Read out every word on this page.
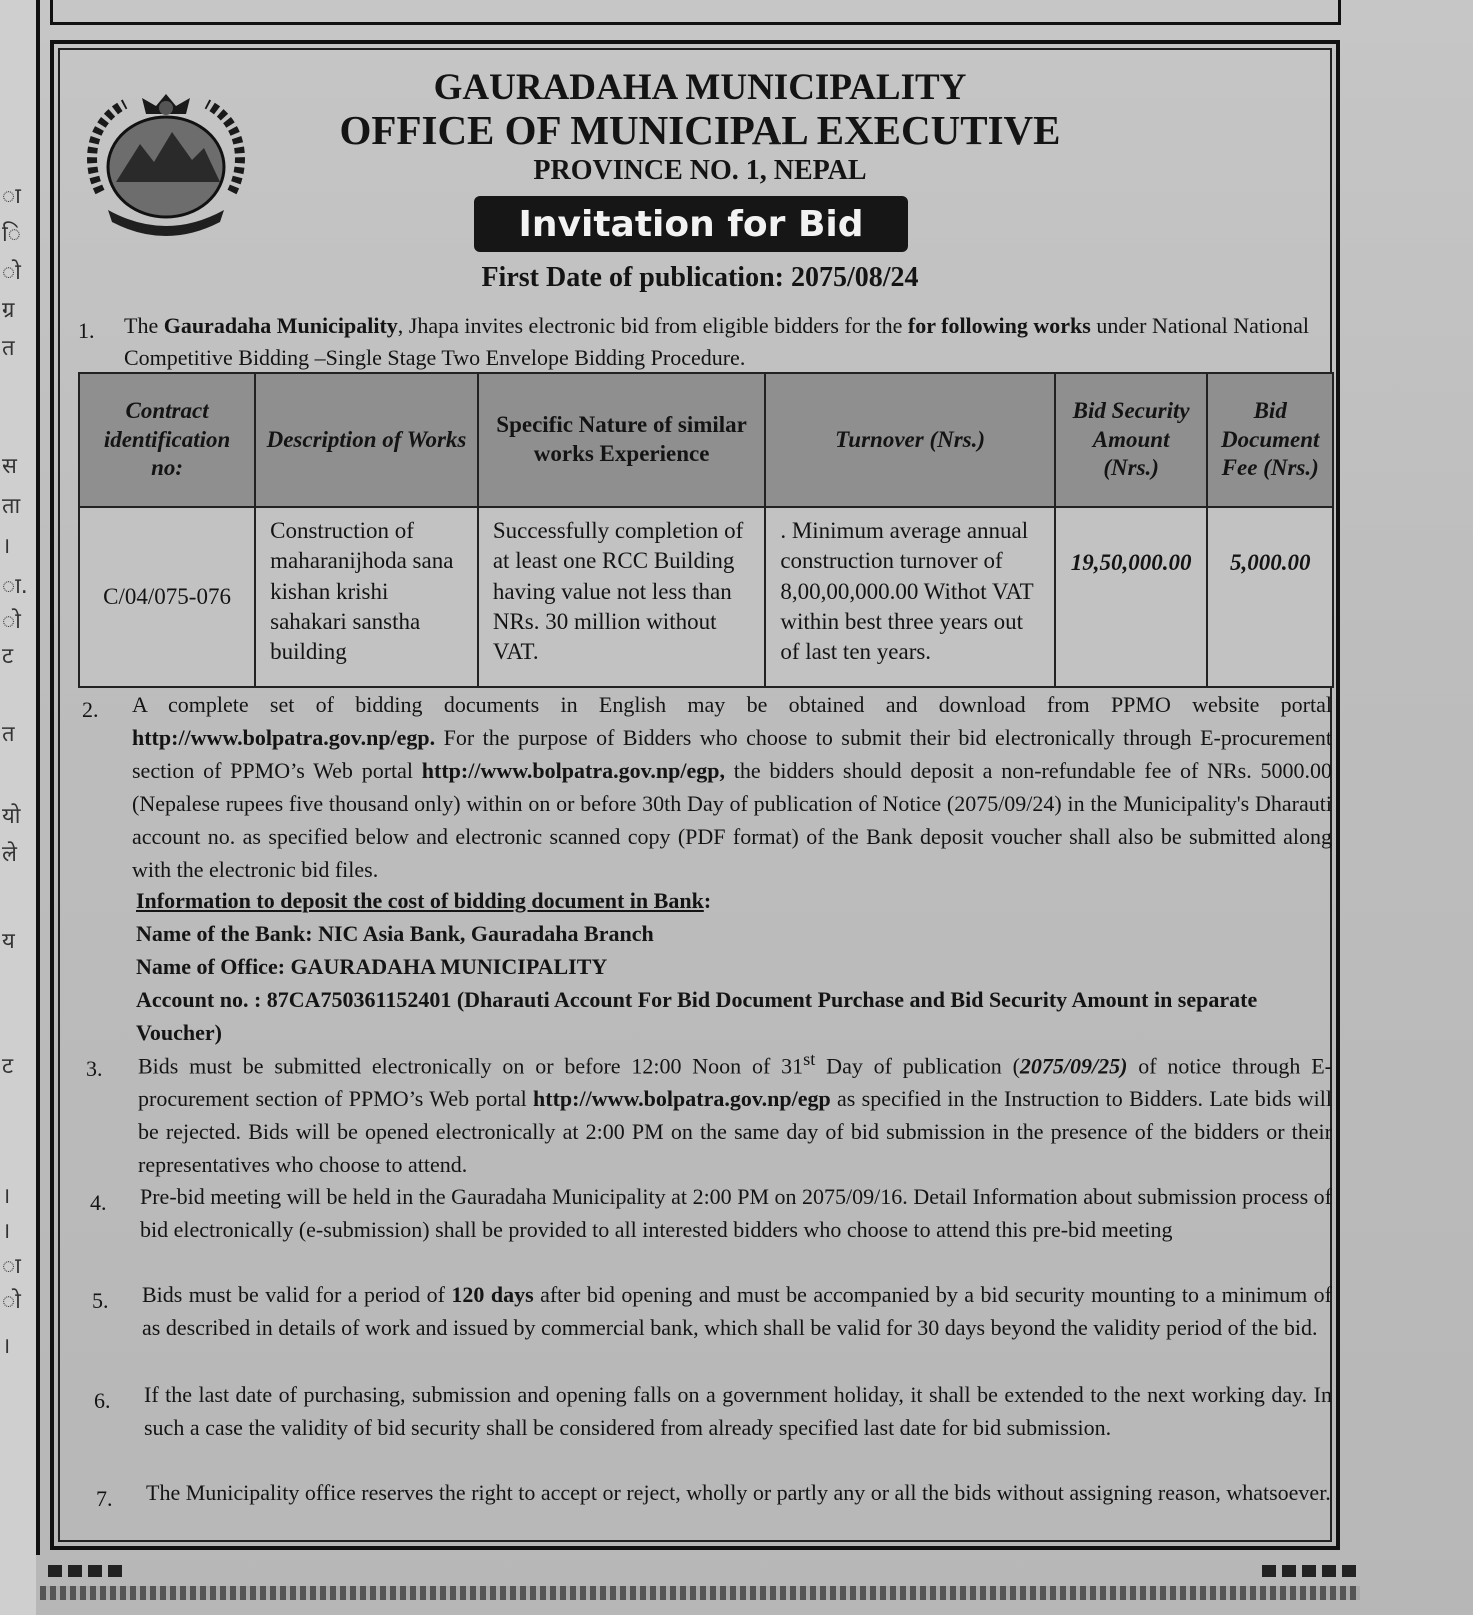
ा
ि
ो
ग्र
त
स
ता
।
ा.
ो
ट
त
यो
ले
य
ट
।
।
ा
ो
।
GAURADAHA MUNICIPALITY
OFFICE OF MUNICIPAL EXECUTIVE
PROVINCE NO. 1, NEPAL
Invitation for Bid
First Date of publication: 2075/08/24
1. The Gauradaha Municipality, Jhapa invites electronic bid from eligible bidders for the for following works under National National Competitive Bidding –Single Stage Two Envelope Bidding Procedure.
Contract identification no:	Description of Works	Specific Nature of similar works Experience	Turnover (Nrs.)	Bid Security Amount (Nrs.)	Bid Document Fee (Nrs.)
C/04/075-076	Construction of maharanijhoda sana kishan krishi sahakari sanstha building	Successfully completion of at least one RCC Building having value not less than NRs. 30 million without VAT.	. Minimum average annual construction turnover of 8,00,00,000.00 Withot VAT within best three years out of last ten years.	19,50,000.00	5,000.00
2. A complete set of bidding documents in English may be obtained and download from PPMO website portal http://www.bolpatra.gov.np/egp. For the purpose of Bidders who choose to submit their bid electronically through E-procurement section of PPMO’s Web portal http://www.bolpatra.gov.np/egp, the bidders should deposit a non-refundable fee of NRs. 5000.00 (Nepalese rupees five thousand only) within on or before 30th Day of publication of Notice (2075/09/24) in the Municipality's Dharauti account no. as specified below and electronic scanned copy (PDF format) of the Bank deposit voucher shall also be submitted along with the electronic bid files.
Information to deposit the cost of bidding document in Bank:
Name of the Bank: NIC Asia Bank, Gauradaha Branch
Name of Office: GAURADAHA MUNICIPALITY
Account no. : 87CA750361152401 (Dharauti Account For Bid Document Purchase and Bid Security Amount in separate Voucher)
3. Bids must be submitted electronically on or before 12:00 Noon of 31st Day of publication (2075/09/25) of notice through E-procurement section of PPMO’s Web portal http://www.bolpatra.gov.np/egp as specified in the Instruction to Bidders. Late bids will be rejected. Bids will be opened electronically at 2:00 PM on the same day of bid submission in the presence of the bidders or their representatives who choose to attend.
4. Pre-bid meeting will be held in the Gauradaha Municipality at 2:00 PM on 2075/09/16. Detail Information about submission process of bid electronically (e-submission) shall be provided to all interested bidders who choose to attend this pre-bid meeting
5. Bids must be valid for a period of 120 days after bid opening and must be accompanied by a bid security mounting to a minimum of as described in details of work and issued by commercial bank, which shall be valid for 30 days beyond the validity period of the bid.
6. If the last date of purchasing, submission and opening falls on a government holiday, it shall be extended to the next working day. In such a case the validity of bid security shall be considered from already specified last date for bid submission.
7. The Municipality office reserves the right to accept or reject, wholly or partly any or all the bids without assigning reason, whatsoever.
